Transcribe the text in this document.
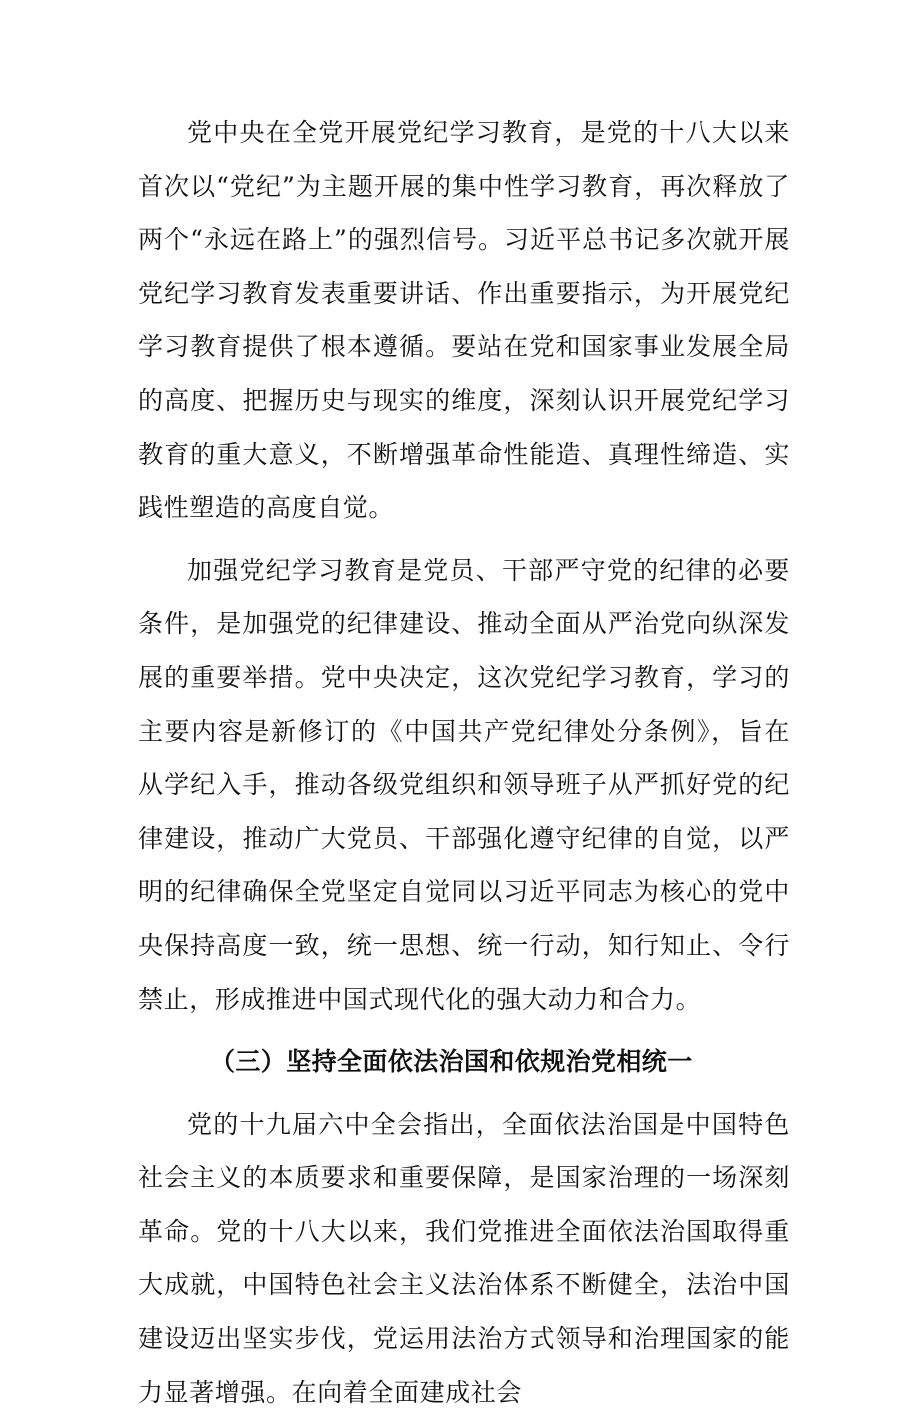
党中央在全党开展党纪学习教育，是党的十八大以来首次以“党纪”为主题开展的集中性学习教育，再次释放了两个“永远在路上”的强烈信号。习近平总书记多次就开展党纪学习教育发表重要讲话、作出重要指示，为开展党纪学习教育提供了根本遵循。要站在党和国家事业发展全局的高度、把握历史与现实的维度，深刻认识开展党纪学习教育的重大意义，不断增强革命性能造、真理性缔造、实践性塑造的高度自觉。

加强党纪学习教育是党员、干部严守党的纪律的必要条件，是加强党的纪律建设、推动全面从严治党向纵深发展的重要举措。党中央决定，这次党纪学习教育，学习的主要内容是新修订的《中国共产党纪律处分条例》，旨在从学纪入手，推动各级党组织和领导班子从严抓好党的纪律建设，推动广大党员、干部强化遵守纪律的自觉，以严明的纪律确保全党坚定自觉同以习近平同志为核心的党中央保持高度一致，统一思想、统一行动，知行知止、令行禁止，形成推进中国式现代化的强大动力和合力。

（三）坚持全面依法治国和依规治党相统一

党的十九届六中全会指出，全面依法治国是中国特色社会主义的本质要求和重要保障，是国家治理的一场深刻革命。党的十八大以来，我们党推进全面依法治国取得重大成就，中国特色社会主义法治体系不断健全，法治中国建设迈出坚实步伐，党运用法治方式领导和治理国家的能力显著增强。在向着全面建成社会
